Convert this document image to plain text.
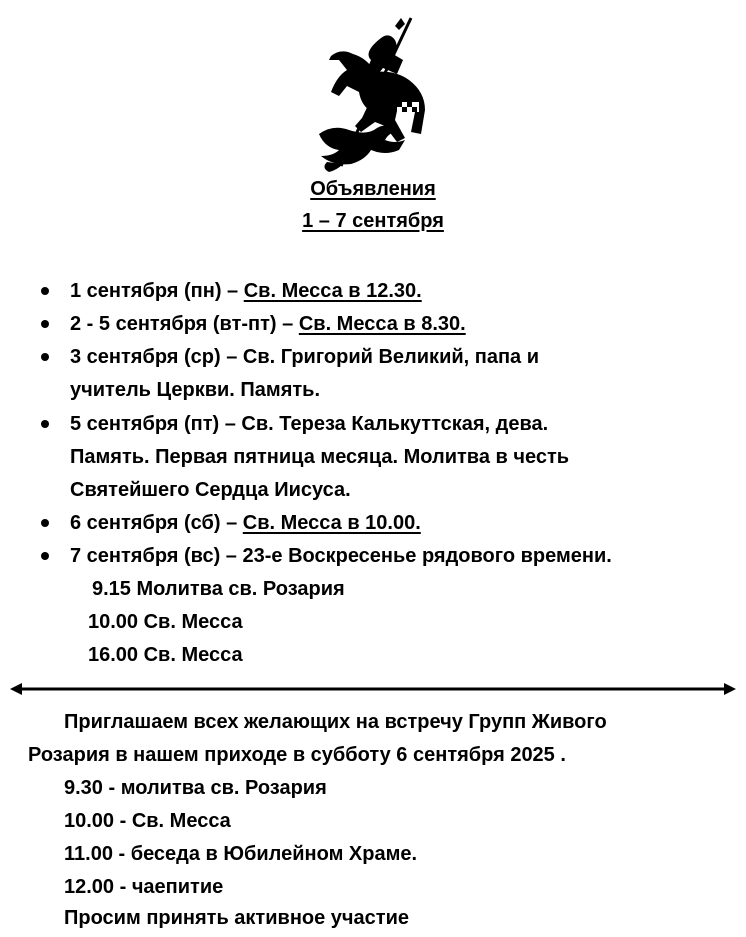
Объявления
1 – 7 сентября
1 сентября (пн) – Св. Месса в 12.30.
2 - 5 сентября (вт-пт) – Св. Месса в 8.30.
3 сентября (ср) – Св. Григорий Великий, папа и
учитель Церкви. Память.
5 сентября (пт) – Св. Тереза Калькуттская, дева.
Память. Первая пятница месяца. Молитва в честь
Святейшего Сердца Иисуса.
6 сентября (сб) – Св. Месса в 10.00.
7 сентября (вс) – 23-е Воскресенье рядового времени.
9.15 Молитва св. Розария
10.00 Св. Месса
16.00 Св. Месса
Приглашаем всех желающих на встречу Групп Живого
Розария в нашем приходе в субботу 6 сентября 2025 .
9.30 - молитва св. Розария
10.00 - Св. Месса
11.00 - беседа в Юбилейном Храме.
12.00 - чаепитие
Просим принять активное участие
